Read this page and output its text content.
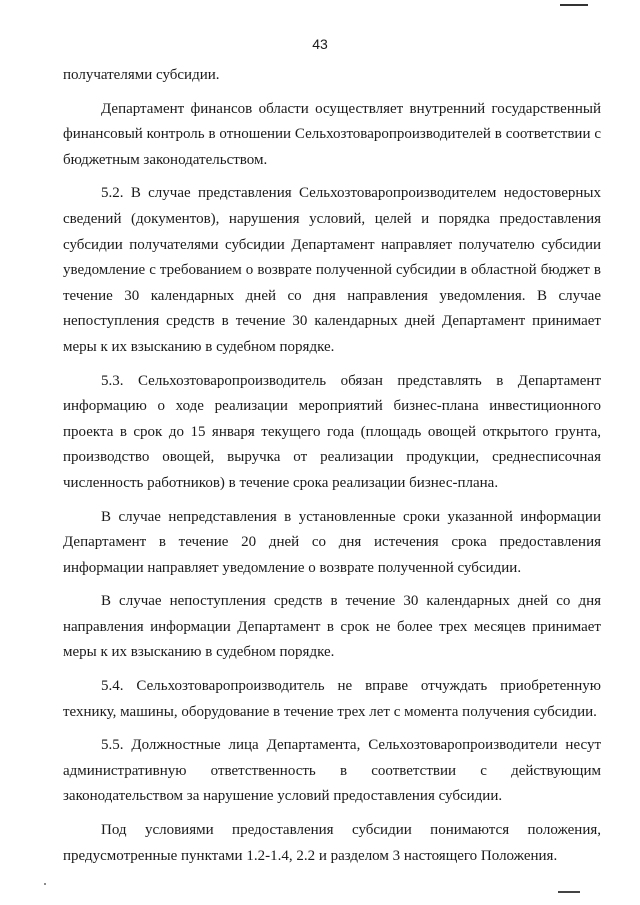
43

получателями субсидии.

Департамент финансов области осуществляет внутренний государственный финансовый контроль в отношении Сельхозтоваропроизводителей в соответствии с бюджетным законодательством.

5.2. В случае представления Сельхозтоваропроизводителем недостоверных сведений (документов), нарушения условий, целей и порядка предоставления субсидии получателями субсидии Департамент направляет получателю субсидии уведомление с требованием о возврате полученной субсидии в областной бюджет в течение 30 календарных дней со дня направления уведомления. В случае непоступления средств в течение 30 календарных дней Департамент принимает меры к их взысканию в судебном порядке.

5.3. Сельхозтоваропроизводитель обязан представлять в Департамент информацию о ходе реализации мероприятий бизнес-плана инвестиционного проекта в срок до 15 января текущего года (площадь овощей открытого грунта, производство овощей, выручка от реализации продукции, среднесписочная численность работников) в течение срока реализации бизнес-плана.

В случае непредставления в установленные сроки указанной информации Департамент в течение 20 дней со дня истечения срока предоставления информации направляет уведомление о возврате полученной субсидии.

В случае непоступления средств в течение 30 календарных дней со дня направления информации Департамент в срок не более трех месяцев принимает меры к их взысканию в судебном порядке.

5.4. Сельхозтоваропроизводитель не вправе отчуждать приобретенную технику, машины, оборудование в течение трех лет с момента получения субсидии.

5.5. Должностные лица Департамента, Сельхозтоваропроизводители несут административную ответственность в соответствии с действующим законодательством за нарушение условий предоставления субсидии.

Под условиями предоставления субсидии понимаются положения, предусмотренные пунктами 1.2-1.4, 2.2 и разделом 3 настоящего Положения.
